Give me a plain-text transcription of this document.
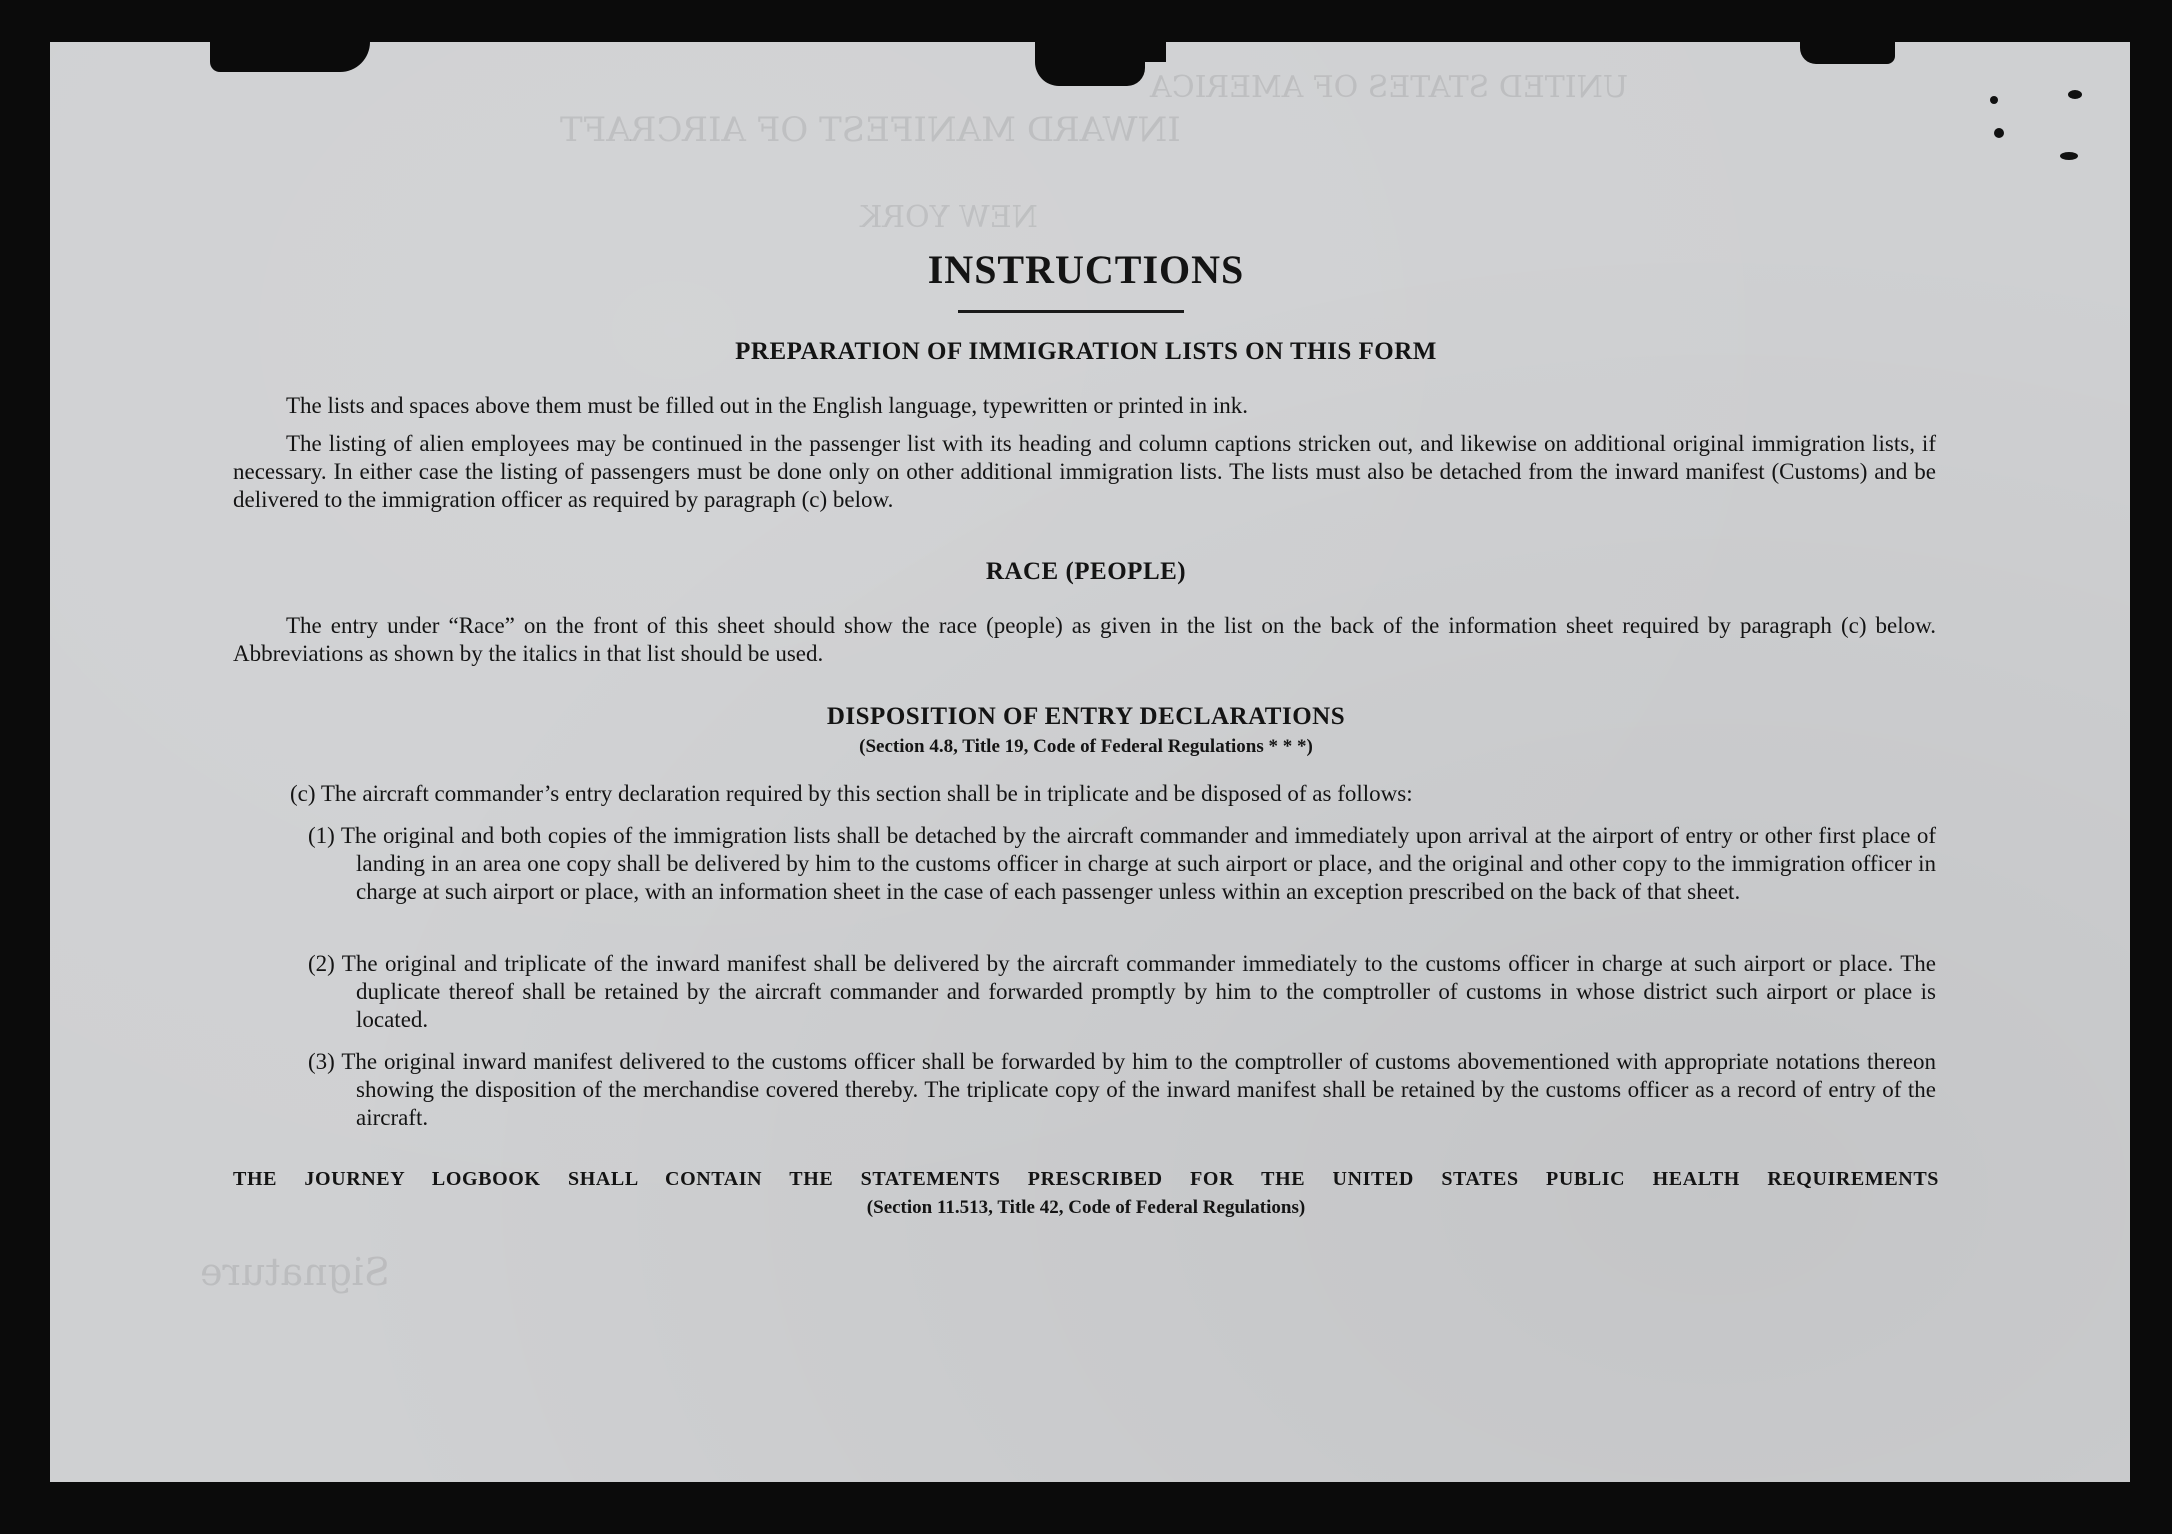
UNITED STATES OF AMERICA
INWARD MANIFEST OF AIRCRAFT
NEW YORK
Signature
INSTRUCTIONS
PREPARATION OF IMMIGRATION LISTS ON THIS FORM
The lists and spaces above them must be filled out in the English language, typewritten or printed in ink.
The listing of alien employees may be continued in the passenger list with its heading and column captions stricken out, and likewise on additional original immigration lists, if necessary. In either case the listing of passengers must be done only on other additional immigration lists. The lists must also be detached from the inward manifest (Customs) and be delivered to the immigration officer as required by paragraph (c) below.
RACE (PEOPLE)
The entry under “Race” on the front of this sheet should show the race (people) as given in the list on the back of the information sheet required by paragraph (c) below. Abbreviations as shown by the italics in that list should be used.
DISPOSITION OF ENTRY DECLARATIONS
(Section 4.8, Title 19, Code of Federal Regulations * * *)
(c) The aircraft commander’s entry declaration required by this section shall be in triplicate and be disposed of as follows:
(1) The original and both copies of the immigration lists shall be detached by the aircraft commander and immediately upon arrival at the airport of entry or other first place of landing in an area one copy shall be delivered by him to the customs officer in charge at such airport or place, and the original and other copy to the immigration officer in charge at such airport or place, with an information sheet in the case of each passenger unless within an exception prescribed on the back of that sheet.
(2) The original and triplicate of the inward manifest shall be delivered by the aircraft commander immediately to the customs officer in charge at such airport or place. The duplicate thereof shall be retained by the aircraft commander and forwarded promptly by him to the comptroller of customs in whose district such airport or place is located.
(3) The original inward manifest delivered to the customs officer shall be forwarded by him to the comptroller of customs abovementioned with appropriate notations thereon showing the disposition of the merchandise covered thereby. The triplicate copy of the inward manifest shall be retained by the customs officer as a record of entry of the aircraft.
THE JOURNEY LOGBOOK SHALL CONTAIN THE STATEMENTS PRESCRIBED FOR THE UNITED STATES PUBLIC HEALTH REQUIREMENTS
(Section 11.513, Title 42, Code of Federal Regulations)
